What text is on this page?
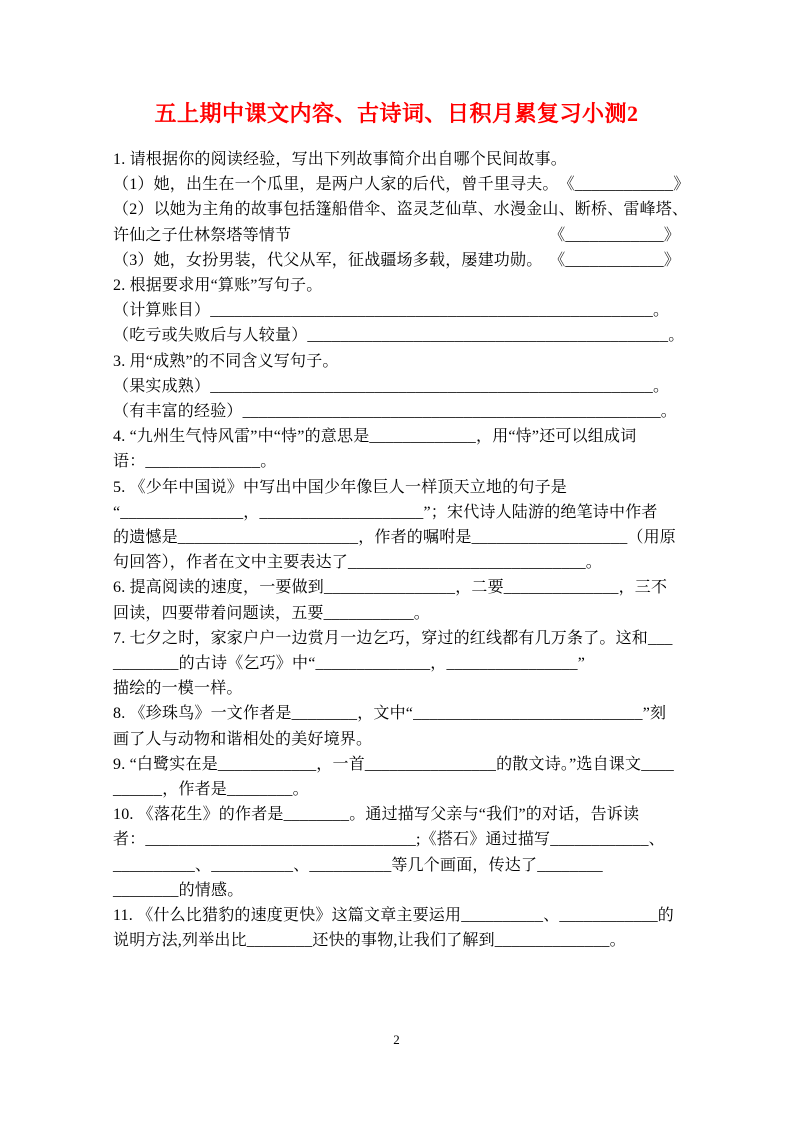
五上期中课文内容、古诗词、日积月累复习小测2

1. 请根据你的阅读经验，写出下列故事简介出自哪个民间故事。

（1）她，出生在一个瓜里，是两户人家的后代，曾千里寻夫。 《____________》

（2）以她为主角的故事包括篷船借伞、盗灵芝仙草、水漫金山、断桥、雷峰塔、

许仙之子仕林祭塔等情节	《____________》

（3）她，女扮男装，代父从军，征战疆场多载，屡建功勋。 《____________》

2. 根据要求用“算账”写句子。

（计算账目）______________________________________________________。

（吃亏或失败后与人较量）____________________________________________。

3. 用“成熟”的不同含义写句子。

（果实成熟）______________________________________________________。

（有丰富的经验）___________________________________________________。

4. “九州生气恃风雷”中“恃”的意思是_____________，用“恃”还可以组成词

语：______________。

5. 《少年中国说》中写出中国少年像巨人一样顶天立地的句子是

“_______________，____________________”；宋代诗人陆游的绝笔诗中作者

的遗憾是______________________，作者的嘱咐是___________________（用原

句回答），作者在文中主要表达了_____________________________。

6. 提高阅读的速度，一要做到________________，二要______________，三不

回读，四要带着问题读，五要___________。

7. 七夕之时，家家户户一边赏月一边乞巧，穿过的红线都有几万条了。这和___

________的古诗《乞巧》中“______________，________________”

描绘的一模一样。

8. 《珍珠鸟》一文作者是________，文中“____________________________”刻

画了人与动物和谐相处的美好境界。

9. “白鹭实在是____________，一首________________的散文诗。”选自课文____

______，作者是________。

10. 《落花生》的作者是________。通过描写父亲与“我们”的对话，告诉读

者：_________________________________;《搭石》通过描写____________、

__________、__________、__________等几个画面，传达了________

________的情感。

11. 《什么比猎豹的速度更快》这篇文章主要运用__________、____________的

说明方法,列举出比________还快的事物,让我们了解到______________。

2
